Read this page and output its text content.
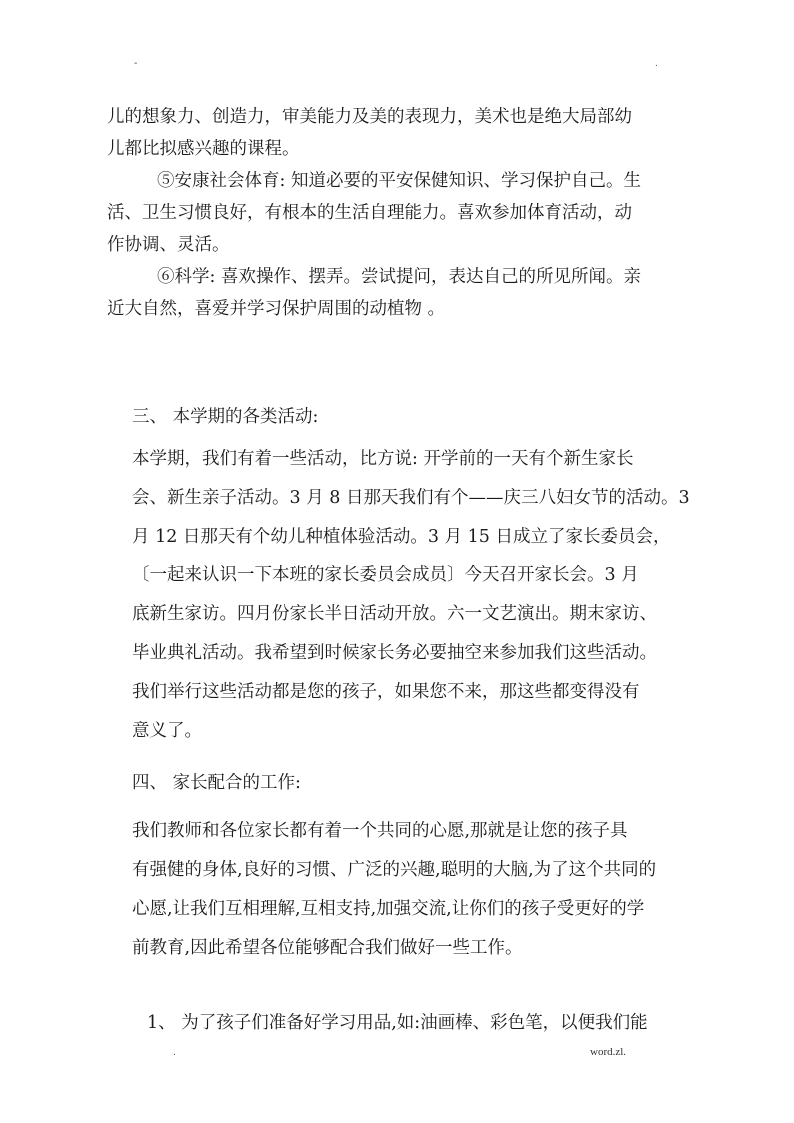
-	.
儿的想象力、创造力，审美能力及美的表现力，美术也是绝大局部幼
儿都比拟感兴趣的课程。
⑤安康社会体育: 知道必要的平安保健知识、学习保护自己。生
活、卫生习惯良好，有根本的生活自理能力。喜欢参加体育活动，动
作协调、灵活。
⑥科学: 喜欢操作、摆弄。尝试提问，表达自己的所见所闻。亲
近大自然，喜爱并学习保护周围的动植物 。
三、 本学期的各类活动:
本学期，我们有着一些活动，比方说: 开学前的一天有个新生家长
会、新生亲子活动。3 月 8 日那天我们有个——庆三八妇女节的活动。3
月 12 日那天有个幼儿种植体验活动。3 月 15 日成立了家长委员会，
〔一起来认识一下本班的家长委员会成员〕今天召开家长会。3 月
底新生家访。四月份家长半日活动开放。六一文艺演出。期末家访、
毕业典礼活动。我希望到时候家长务必要抽空来参加我们这些活动。
我们举行这些活动都是您的孩子，如果您不来，那这些都变得没有
意义了。
四、 家长配合的工作:
我们教师和各位家长都有着一个共同的心愿,那就是让您的孩子具
有强健的身体,良好的习惯、广泛的兴趣,聪明的大脑,为了这个共同的
心愿,让我们互相理解,互相支持,加强交流,让你们的孩子受更好的学
前教育,因此希望各位能够配合我们做好一些工作。
1、 为了孩子们准备好学习用品,如:油画棒、彩色笔，以便我们能
.	word.zl.
